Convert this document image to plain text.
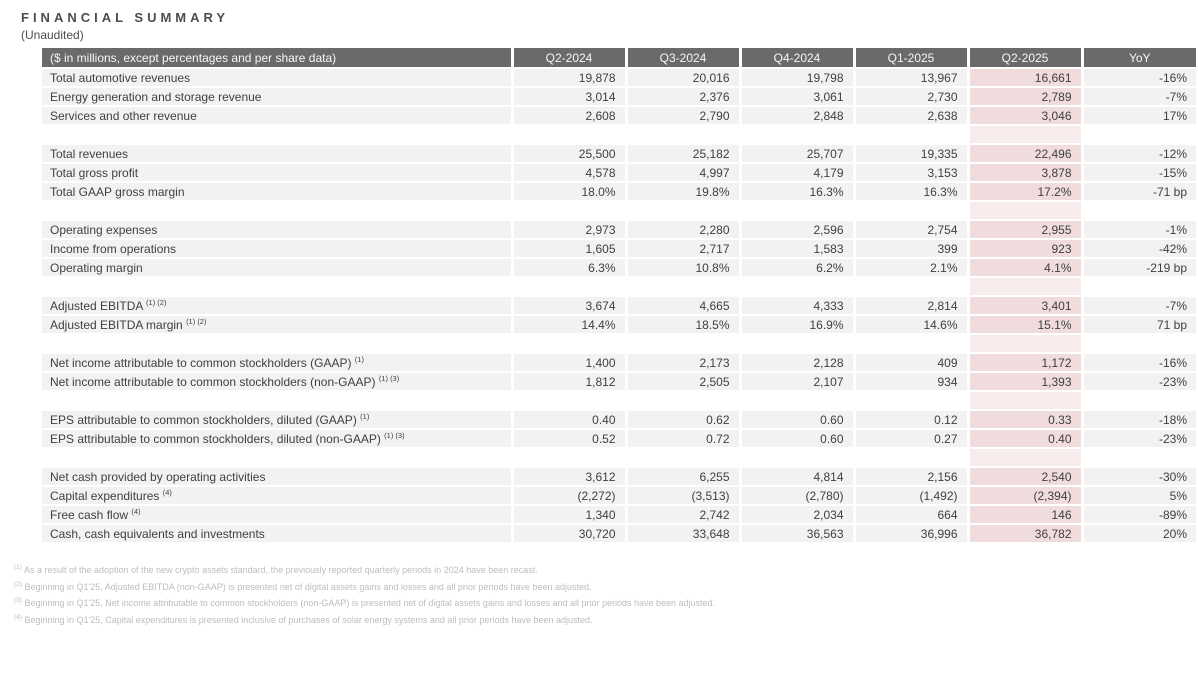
FINANCIAL SUMMARY
(Unaudited)
($ in millions, except percentages and per share data)	Q2-2024	Q3-2024	Q4-2024	Q1-2025	Q2-2025	YoY
Total automotive revenues	19,878	20,016	19,798	13,967	16,661	-16%
Energy generation and storage revenue	3,014	2,376	3,061	2,730	2,789	-7%
Services and other revenue	2,608	2,790	2,848	2,638	3,046	17%

Total revenues	25,500	25,182	25,707	19,335	22,496	-12%
Total gross profit	4,578	4,997	4,179	3,153	3,878	-15%
Total GAAP gross margin	18.0%	19.8%	16.3%	16.3%	17.2%	-71 bp

Operating expenses	2,973	2,280	2,596	2,754	2,955	-1%
Income from operations	1,605	2,717	1,583	399	923	-42%
Operating margin	6.3%	10.8%	6.2%	2.1%	4.1%	-219 bp

Adjusted EBITDA $^{(1) (2)}$	3,674	4,665	4,333	2,814	3,401	-7%
Adjusted EBITDA margin $^{(1) (2)}$	14.4%	18.5%	16.9%	14.6%	15.1%	71 bp

Net income attributable to common stockholders (GAAP) $^{(1)}$	1,400	2,173	2,128	409	1,172	-16%
Net income attributable to common stockholders (non-GAAP) $^{(1) (3)}$	1,812	2,505	2,107	934	1,393	-23%

EPS attributable to common stockholders, diluted (GAAP) $^{(1)}$	0.40	0.62	0.60	0.12	0.33	-18%
EPS attributable to common stockholders, diluted (non-GAAP) $^{(1) (3)}$	0.52	0.72	0.60	0.27	0.40	-23%

Net cash provided by operating activities	3,612	6,255	4,814	2,156	2,540	-30%
Capital expenditures $^{(4)}$	(2,272)	(3,513)	(2,780)	(1,492)	(2,394)	5%
Free cash flow $^{(4)}$	1,340	2,742	2,034	664	146	-89%
Cash, cash equivalents and investments	30,720	33,648	36,563	36,996	36,782	20%
$^{(1)}$ As a result of the adoption of the new crypto assets standard, the previously reported quarterly periods in 2024 have been recast.
$^{(2)}$ Beginning in Q1'25, Adjusted EBITDA (non-GAAP) is presented net of digital assets gains and losses and all prior periods have been adjusted.
$^{(3)}$ Beginning in Q1'25, Net income attributable to common stockholders (non-GAAP) is presented net of digital assets gains and losses and all prior periods have been adjusted.
$^{(4)}$ Beginning in Q1'25, Capital expenditures is presented inclusive of purchases of solar energy systems and all prior periods have been adjusted.
